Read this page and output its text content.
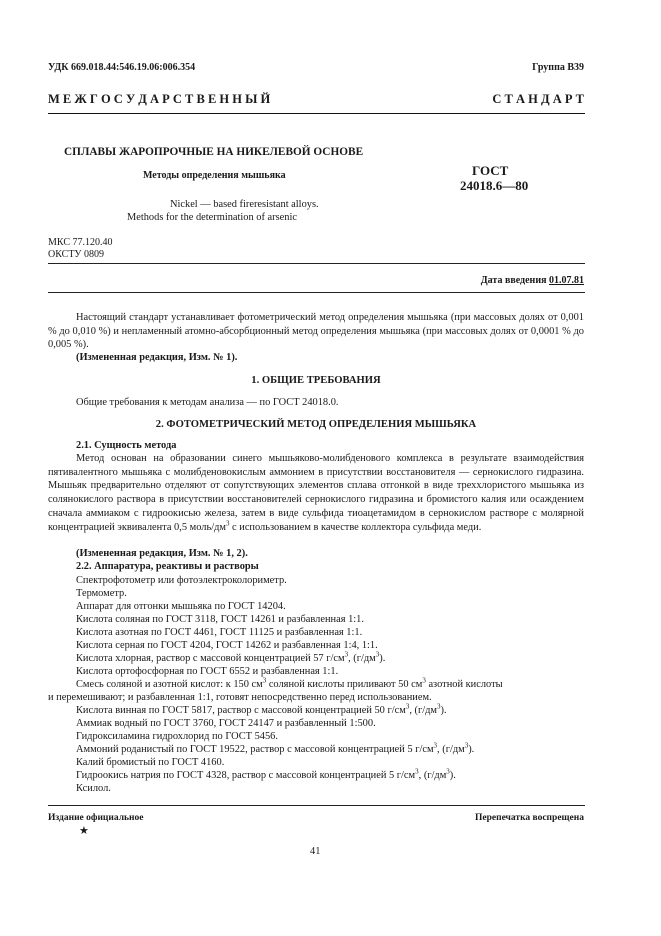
УДК 669.018.44:546.19.06:006.354	Группа В39
М Е Ж Г О С У Д А Р С Т В Е Н Н Ы Й	С Т А Н Д А Р Т
СПЛАВЫ ЖАРОПРОЧНЫЕ НА НИКЕЛЕВОЙ ОСНОВЕ
Методы определения мышьяка
Nickel — based fireresistant alloys.
Methods for the determination of arsenic
ГОСТ
24018.6—80
МКС 77.120.40
ОКСТУ 0809
Дата введения 01.07.81
Настоящий стандарт устанавливает фотометрический метод определения мышьяка (при массовых долях от 0,001 % до 0,010 %) и непламенный атомно-абсорбционный метод определения мышьяка (при массовых долях от 0,0001 % до 0,005 %).
(Измененная редакция, Изм. № 1).
1. ОБЩИЕ ТРЕБОВАНИЯ
Общие требования к методам анализа — по ГОСТ 24018.0.
2. ФОТОМЕТРИЧЕСКИЙ МЕТОД ОПРЕДЕЛЕНИЯ МЫШЬЯКА
2.1. Сущность метода
Метод основан на образовании синего мышьяково-молибденового комплекса в результате взаимодействия пятивалентного мышьяка с молибденовокислым аммонием в присутствии восстановителя — сернокислого гидразина. Мышьяк предварительно отделяют от сопутствующих элементов сплава отгонкой в виде треххлористого мышьяка из солянокислого раствора в присутствии восстановителей сернокислого гидразина и бромистого калия или осаждением сначала аммиаком с гидроокисью железа, затем в виде сульфида тиоацетамидом в сернокислом растворе с молярной концентрацией эквивалента 0,5 моль/$дм^3$ с использованием в качестве коллектора сульфида меди.
(Измененная редакция, Изм. № 1, 2).
2.2. Аппаратура, реактивы и растворы
Спектрофотометр или фотоэлектроколориметр.
Термометр.
Аппарат для отгонки мышьяка по ГОСТ 14204.
Кислота соляная по ГОСТ 3118, ГОСТ 14261 и разбавленная 1:1.
Кислота азотная по ГОСТ 4461, ГОСТ 11125 и разбавленная 1:1.
Кислота серная по ГОСТ 4204, ГОСТ 14262 и разбавленная 1:4, 1:1.
Кислота хлорная, раствор с массовой концентрацией 57 $г/см^3$, $(г/дм^3)$.
Кислота ортофосфорная по ГОСТ 6552 и разбавленная 1:1.
Смесь соляной и азотной кислот: к 150 $см^3$ соляной кислоты приливают 50 $см^3$ азотной кислоты
и перемешивают; и разбавленная 1:1, готовят непосредственно перед использованием.
Кислота винная по ГОСТ 5817, раствор с массовой концентрацией 50 $г/см^3$, $(г/дм^3)$.
Аммиак водный по ГОСТ 3760, ГОСТ 24147 и разбавленный 1:500.
Гидроксиламина гидрохлорид по ГОСТ 5456.
Аммоний роданистый по ГОСТ 19522, раствор с массовой концентрацией 5 $г/см^3$, $(г/дм^3)$.
Калий бромистый по ГОСТ 4160.
Гидроокись натрия по ГОСТ 4328, раствор с массовой концентрацией 5 $г/см^3$, $(г/дм^3)$.
Ксилол.
Издание официальное
★
Перепечатка воспрещена
41
